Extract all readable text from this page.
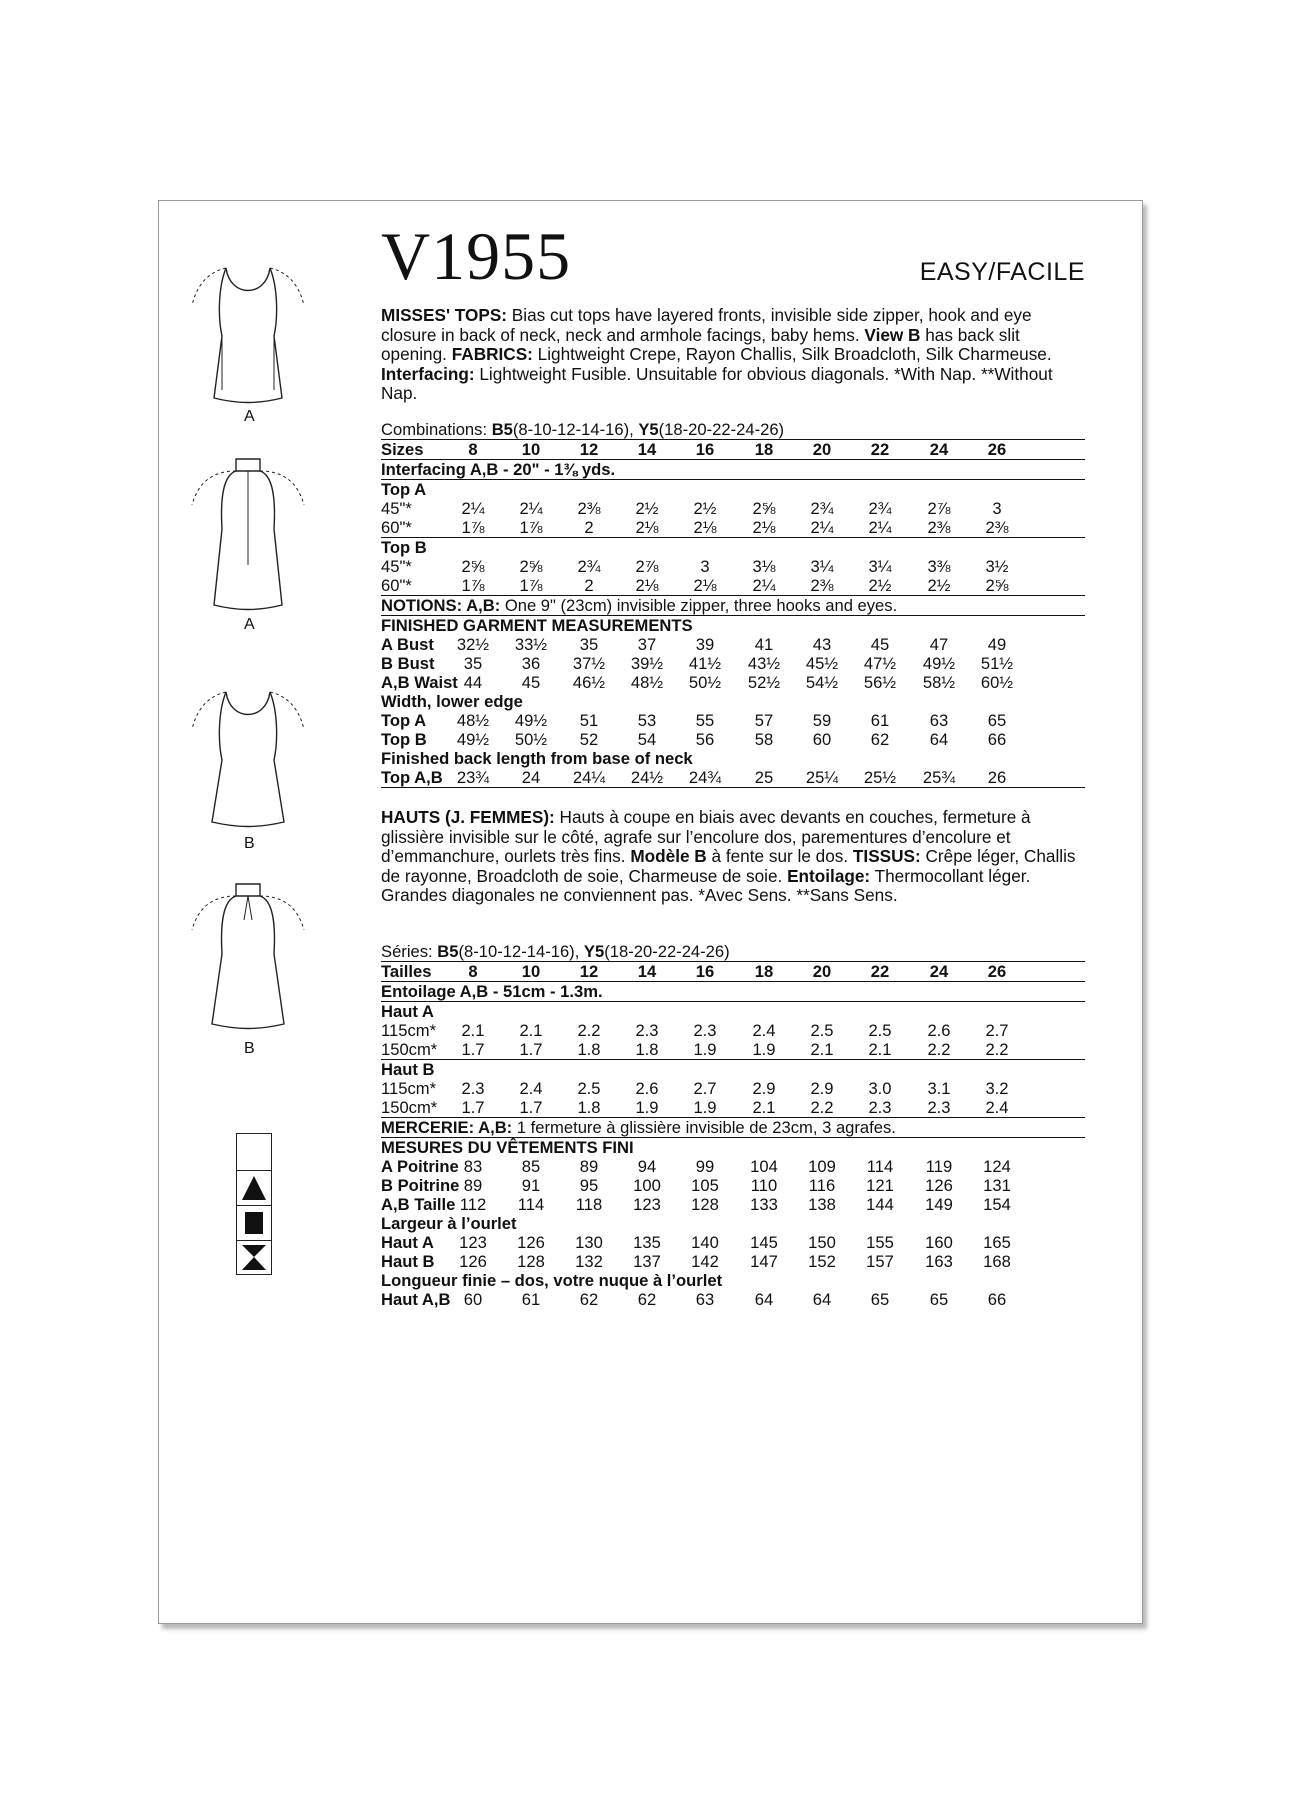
V1955	EASY/FACILE
A
A
B
B
MISSES' TOPS: Bias cut tops have layered fronts, invisible side zipper, hook and eye closure in back of neck, neck and armhole facings, baby hems. View B has back slit opening. FABRICS: Lightweight Crepe, Rayon Challis, Silk Broadcloth, Silk Charmeuse. Interfacing: Lightweight Fusible. Unsuitable for obvious diagonals. *With Nap. **Without Nap.
Combinations: B5(8-10-12-14-16), Y5(18-20-22-24-26)
Sizes	8	10	12	14	16	18	20	22	24	26
Interfacing A,B - 20" - 1⅜ yds.
Top A
45"*	2¼	2¼	2⅜	2½	2½	2⅝	2¾	2¾	2⅞	3
60"*	1⅞	1⅞	2	2⅛	2⅛	2⅛	2¼	2¼	2⅜	2⅜
Top B
45"*	2⅝	2⅝	2¾	2⅞	3	3⅛	3¼	3¼	3⅜	3½
60"*	1⅞	1⅞	2	2⅛	2⅛	2¼	2⅜	2½	2½	2⅝
NOTIONS: A,B: One 9" (23cm) invisible zipper, three hooks and eyes.
FINISHED GARMENT MEASUREMENTS
A Bust	32½	33½	35	37	39	41	43	45	47	49
B Bust	35	36	37½	39½	41½	43½	45½	47½	49½	51½
A,B Waist 44	45	46½	48½	50½	52½	54½	56½	58½	60½
Width, lower edge
Top A	48½	49½	51	53	55	57	59	61	63	65
Top B	49½	50½	52	54	56	58	60	62	64	66
Finished back length from base of neck
Top A,B 23¾	24	24¼	24½	24¾	25	25¼	25½	25¾	26
HAUTS (J. FEMMES): Hauts à coupe en biais avec devants en couches, fermeture à glissière invisible sur le côté, agrafe sur l’encolure dos, parementures d’encolure et d’emmanchure, ourlets très fins. Modèle B à fente sur le dos. TISSUS: Crêpe léger, Challis de rayonne, Broadcloth de soie, Charmeuse de soie. Entoilage: Thermocollant léger. Grandes diagonales ne conviennent pas. *Avec Sens. **Sans Sens.
Séries: B5(8-10-12-14-16), Y5(18-20-22-24-26)
Tailles	8	10	12	14	16	18	20	22	24	26
Entoilage A,B - 51cm - 1.3m.
Haut A
115cm*	2.1	2.1	2.2	2.3	2.3	2.4	2.5	2.5	2.6	2.7
150cm*	1.7	1.7	1.8	1.8	1.9	1.9	2.1	2.1	2.2	2.2
Haut B
115cm*	2.3	2.4	2.5	2.6	2.7	2.9	2.9	3.0	3.1	3.2
150cm*	1.7	1.7	1.8	1.9	1.9	2.1	2.2	2.3	2.3	2.4
MERCERIE: A,B: 1 fermeture à glissière invisible de 23cm, 3 agrafes.
MESURES DU VÊTEMENTS FINI
A Poitrine 83	85	89	94	99	104	109	114	119	124
B Poitrine 89	91	95	100	105	110	116	121	126	131
A,B Taille 112	114	118	123	128	133	138	144	149	154
Largeur à l’ourlet
Haut A	123	126	130	135	140	145	150	155	160	165
Haut B	126	128	132	137	142	147	152	157	163	168
Longueur finie – dos, votre nuque à l’ourlet
Haut A,B 60	61	62	62	63	64	64	65	65	66
